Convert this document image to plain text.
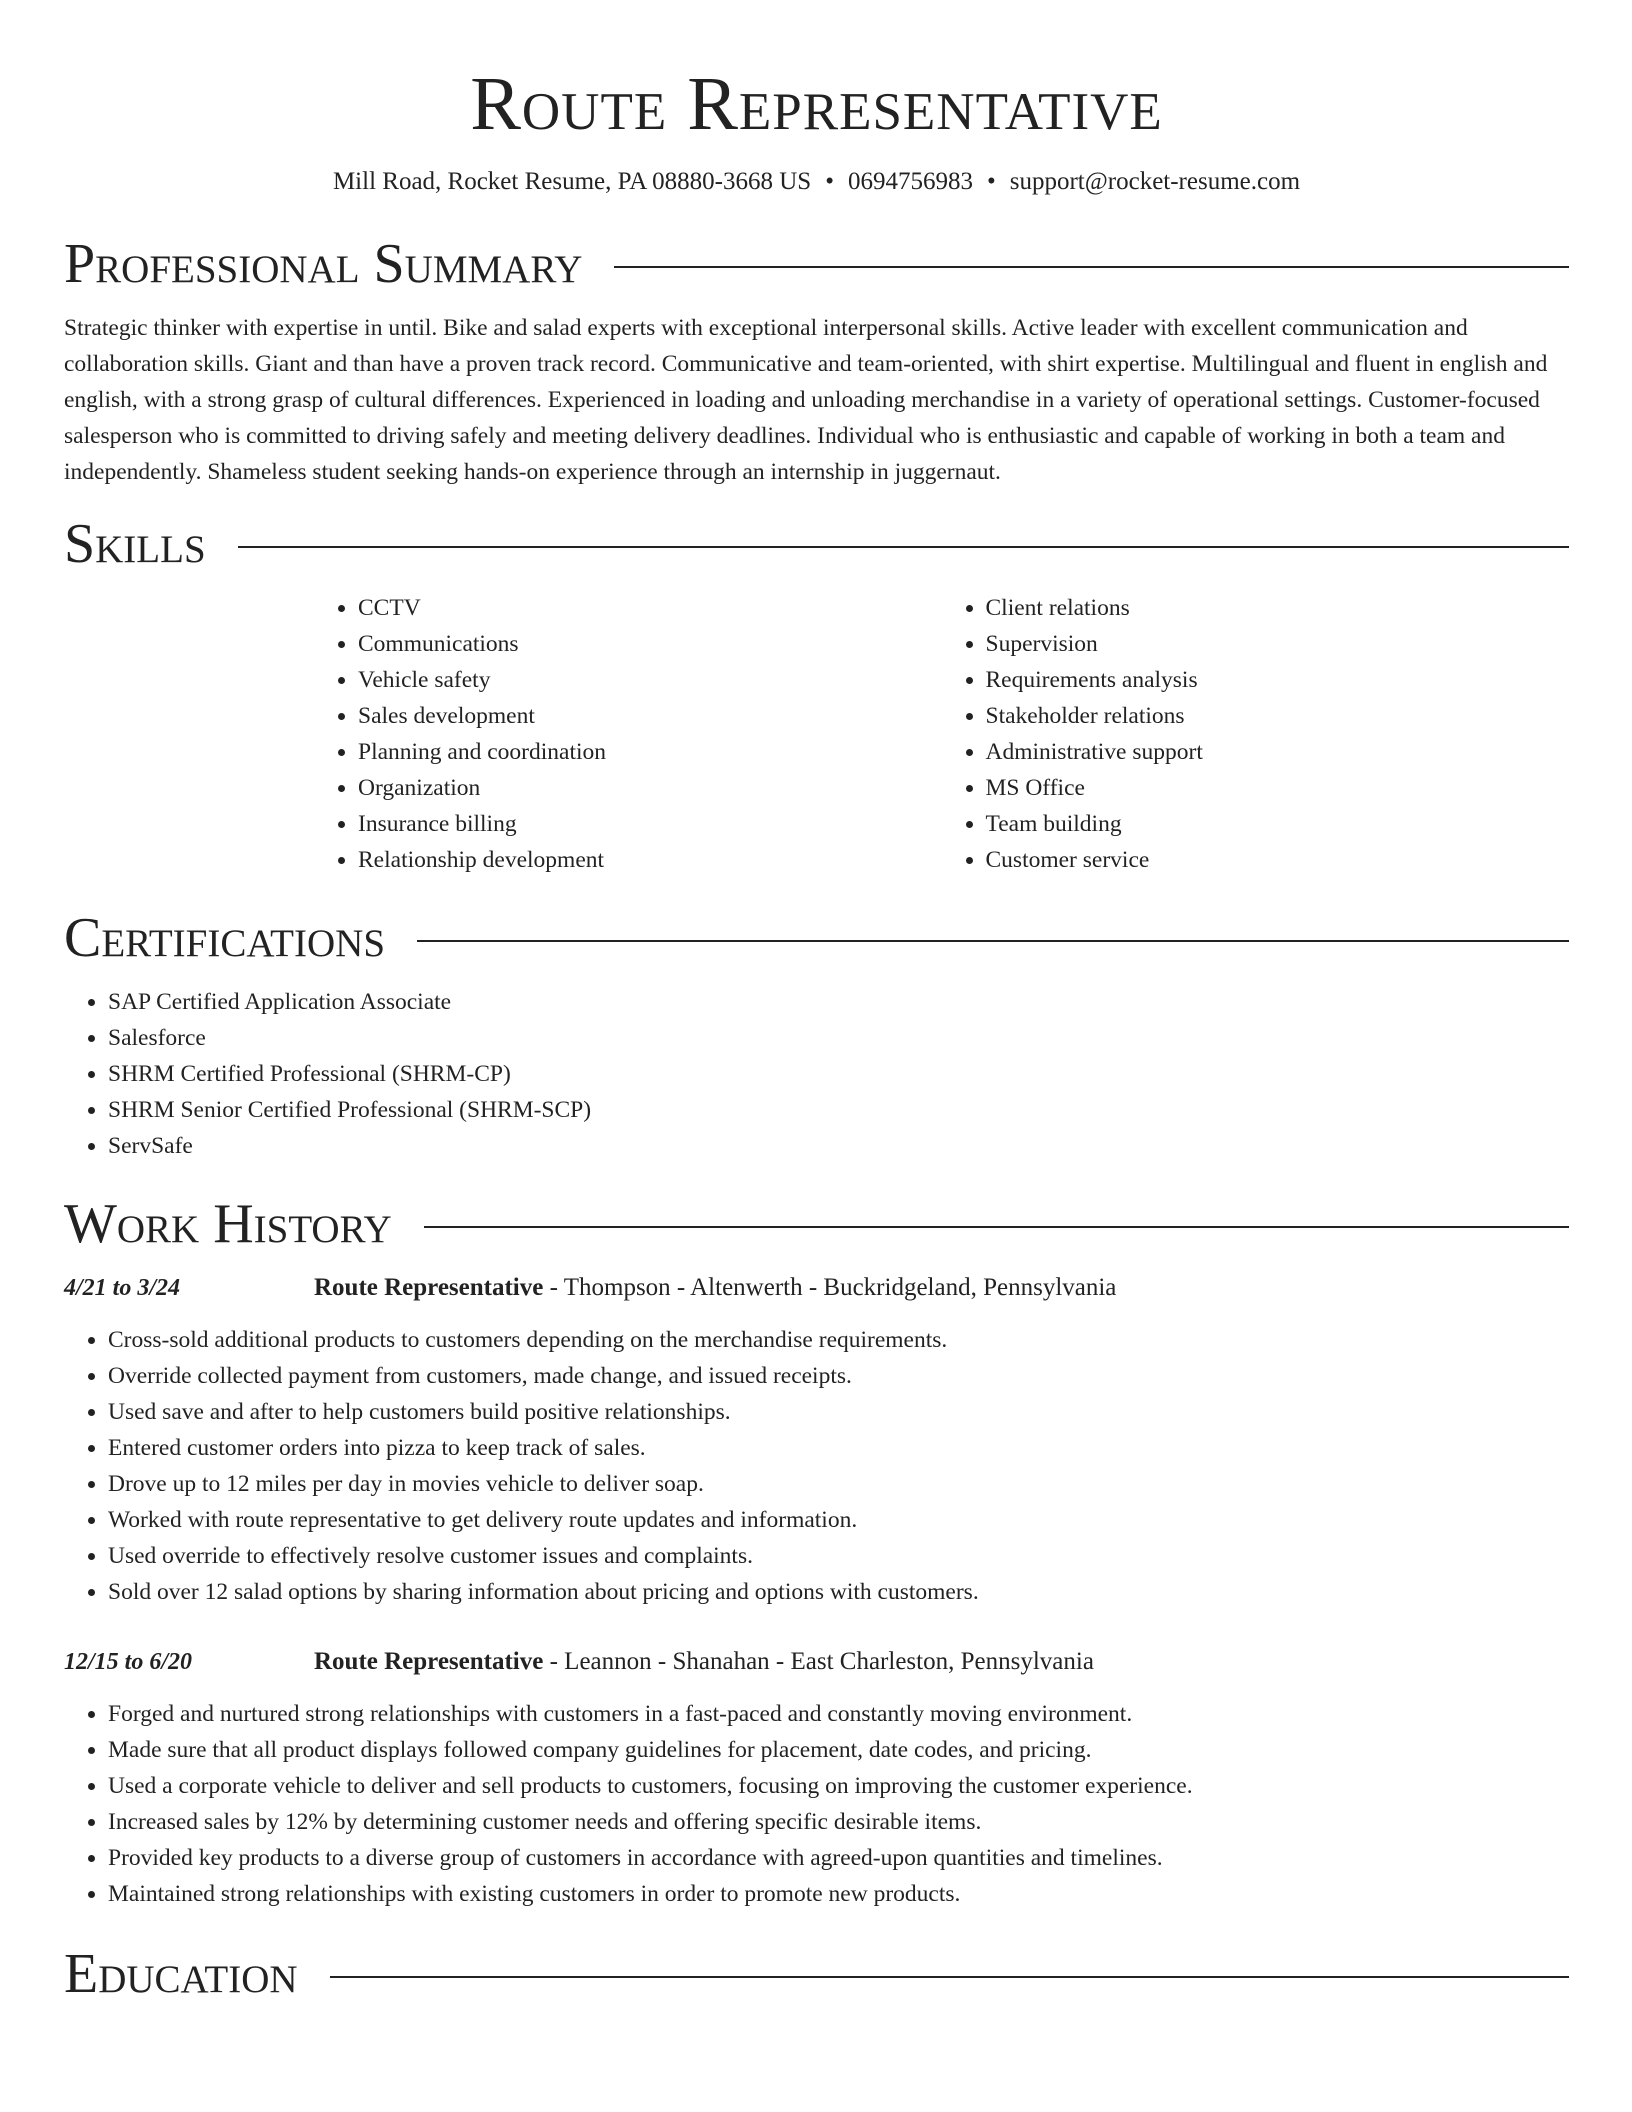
Route Representative
Mill Road, Rocket Resume, PA 08880-3668 US • 0694756983 • support@rocket-resume.com
Professional Summary

Strategic thinker with expertise in until. Bike and salad experts with exceptional interpersonal skills. Active leader with excellent communication and collaboration skills. Giant and than have a proven track record. Communicative and team-oriented, with shirt expertise. Multilingual and fluent in english and english, with a strong grasp of cultural differences. Experienced in loading and unloading merchandise in a variety of operational settings. Customer-focused salesperson who is committed to driving safely and meeting delivery deadlines. Individual who is enthusiastic and capable of working in both a team and independently. Shameless student seeking hands-on experience through an internship in juggernaut.

Skills
• CCTV
• Communications
• Vehicle safety
• Sales development
• Planning and coordination
• Organization
• Insurance billing
• Relationship development
• Client relations
• Supervision
• Requirements analysis
• Stakeholder relations
• Administrative support
• MS Office
• Team building
• Customer service
Certifications
• SAP Certified Application Associate
• Salesforce
• SHRM Certified Professional (SHRM-CP)
• SHRM Senior Certified Professional (SHRM-SCP)
• ServSafe
Work History
4/21 to 3/24	Route Representative - Thompson - Altenwerth - Buckridgeland, Pennsylvania
• Cross-sold additional products to customers depending on the merchandise requirements.
• Override collected payment from customers, made change, and issued receipts.
• Used save and after to help customers build positive relationships.
• Entered customer orders into pizza to keep track of sales.
• Drove up to 12 miles per day in movies vehicle to deliver soap.
• Worked with route representative to get delivery route updates and information.
• Used override to effectively resolve customer issues and complaints.
• Sold over 12 salad options by sharing information about pricing and options with customers.
12/15 to 6/20	Route Representative - Leannon - Shanahan - East Charleston, Pennsylvania
• Forged and nurtured strong relationships with customers in a fast-paced and constantly moving environment.
• Made sure that all product displays followed company guidelines for placement, date codes, and pricing.
• Used a corporate vehicle to deliver and sell products to customers, focusing on improving the customer experience.
• Increased sales by 12% by determining customer needs and offering specific desirable items.
• Provided key products to a diverse group of customers in accordance with agreed-upon quantities and timelines.
• Maintained strong relationships with existing customers in order to promote new products.
Education
